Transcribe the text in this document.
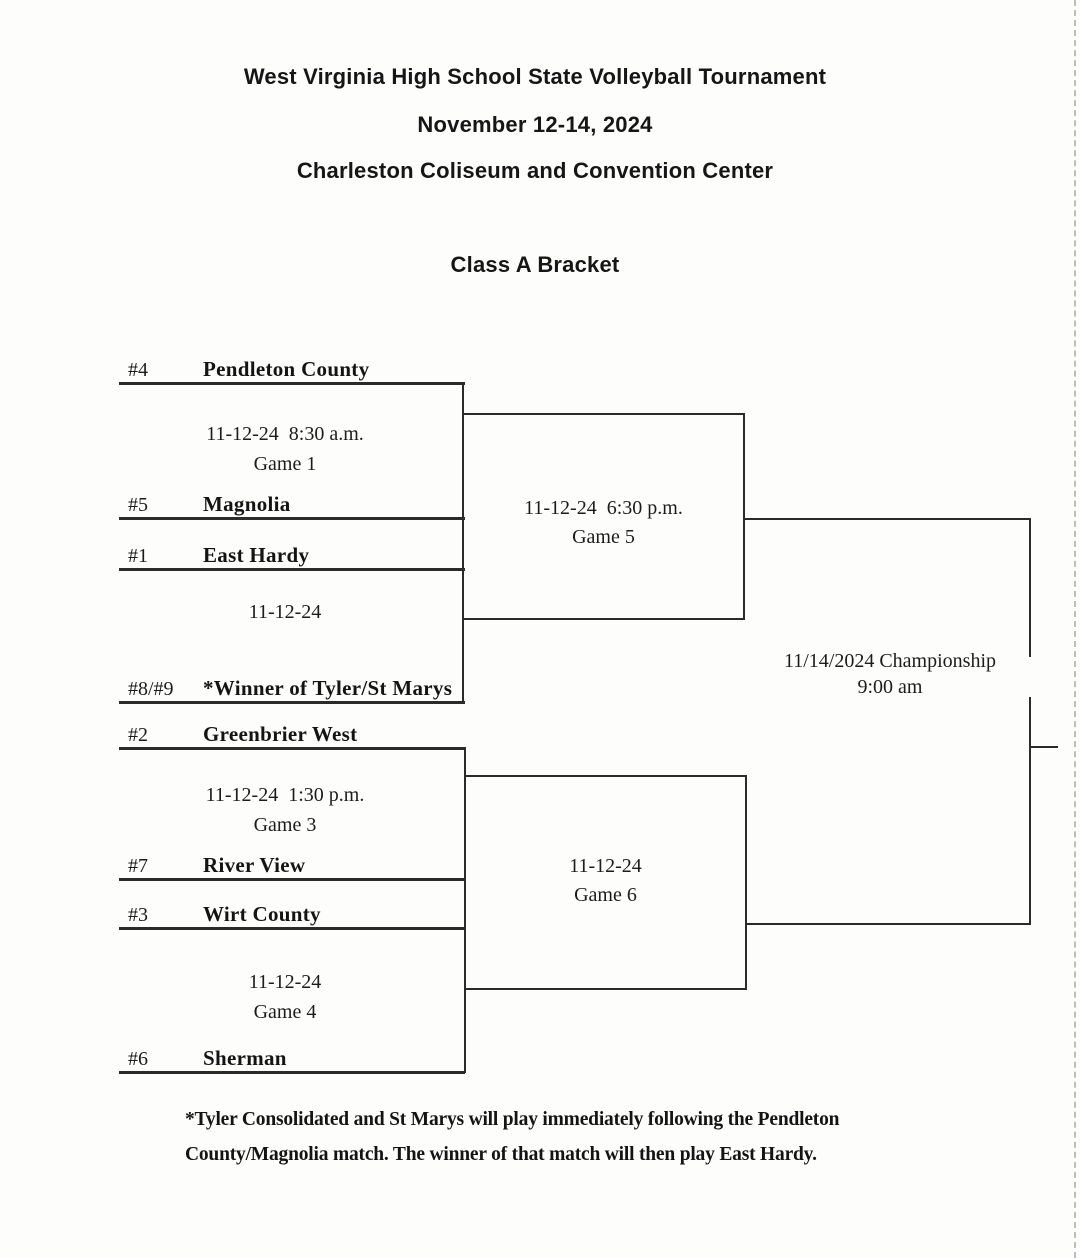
West Virginia High School State Volleyball Tournament
November 12-14, 2024
Charleston Coliseum and Convention Center
Class A Bracket
#4	Pendleton County
#5	Magnolia
#1	East Hardy
#8/#9 *Winner of Tyler/St Marys
#2	Greenbrier West
#7	River View
#3	Wirt County
#6	Sherman
11-12-24  8:30 a.m.
Game 1
11-12-24
11-12-24  1:30 p.m.
Game 3
11-12-24
Game 4
11-12-24  6:30 p.m.
Game 5
11-12-24
Game 6
11/14/2024 Championship
9:00 am
*Tyler Consolidated and St Marys will play immediately following the Pendleton
County/Magnolia match. The winner of that match will then play East Hardy.
